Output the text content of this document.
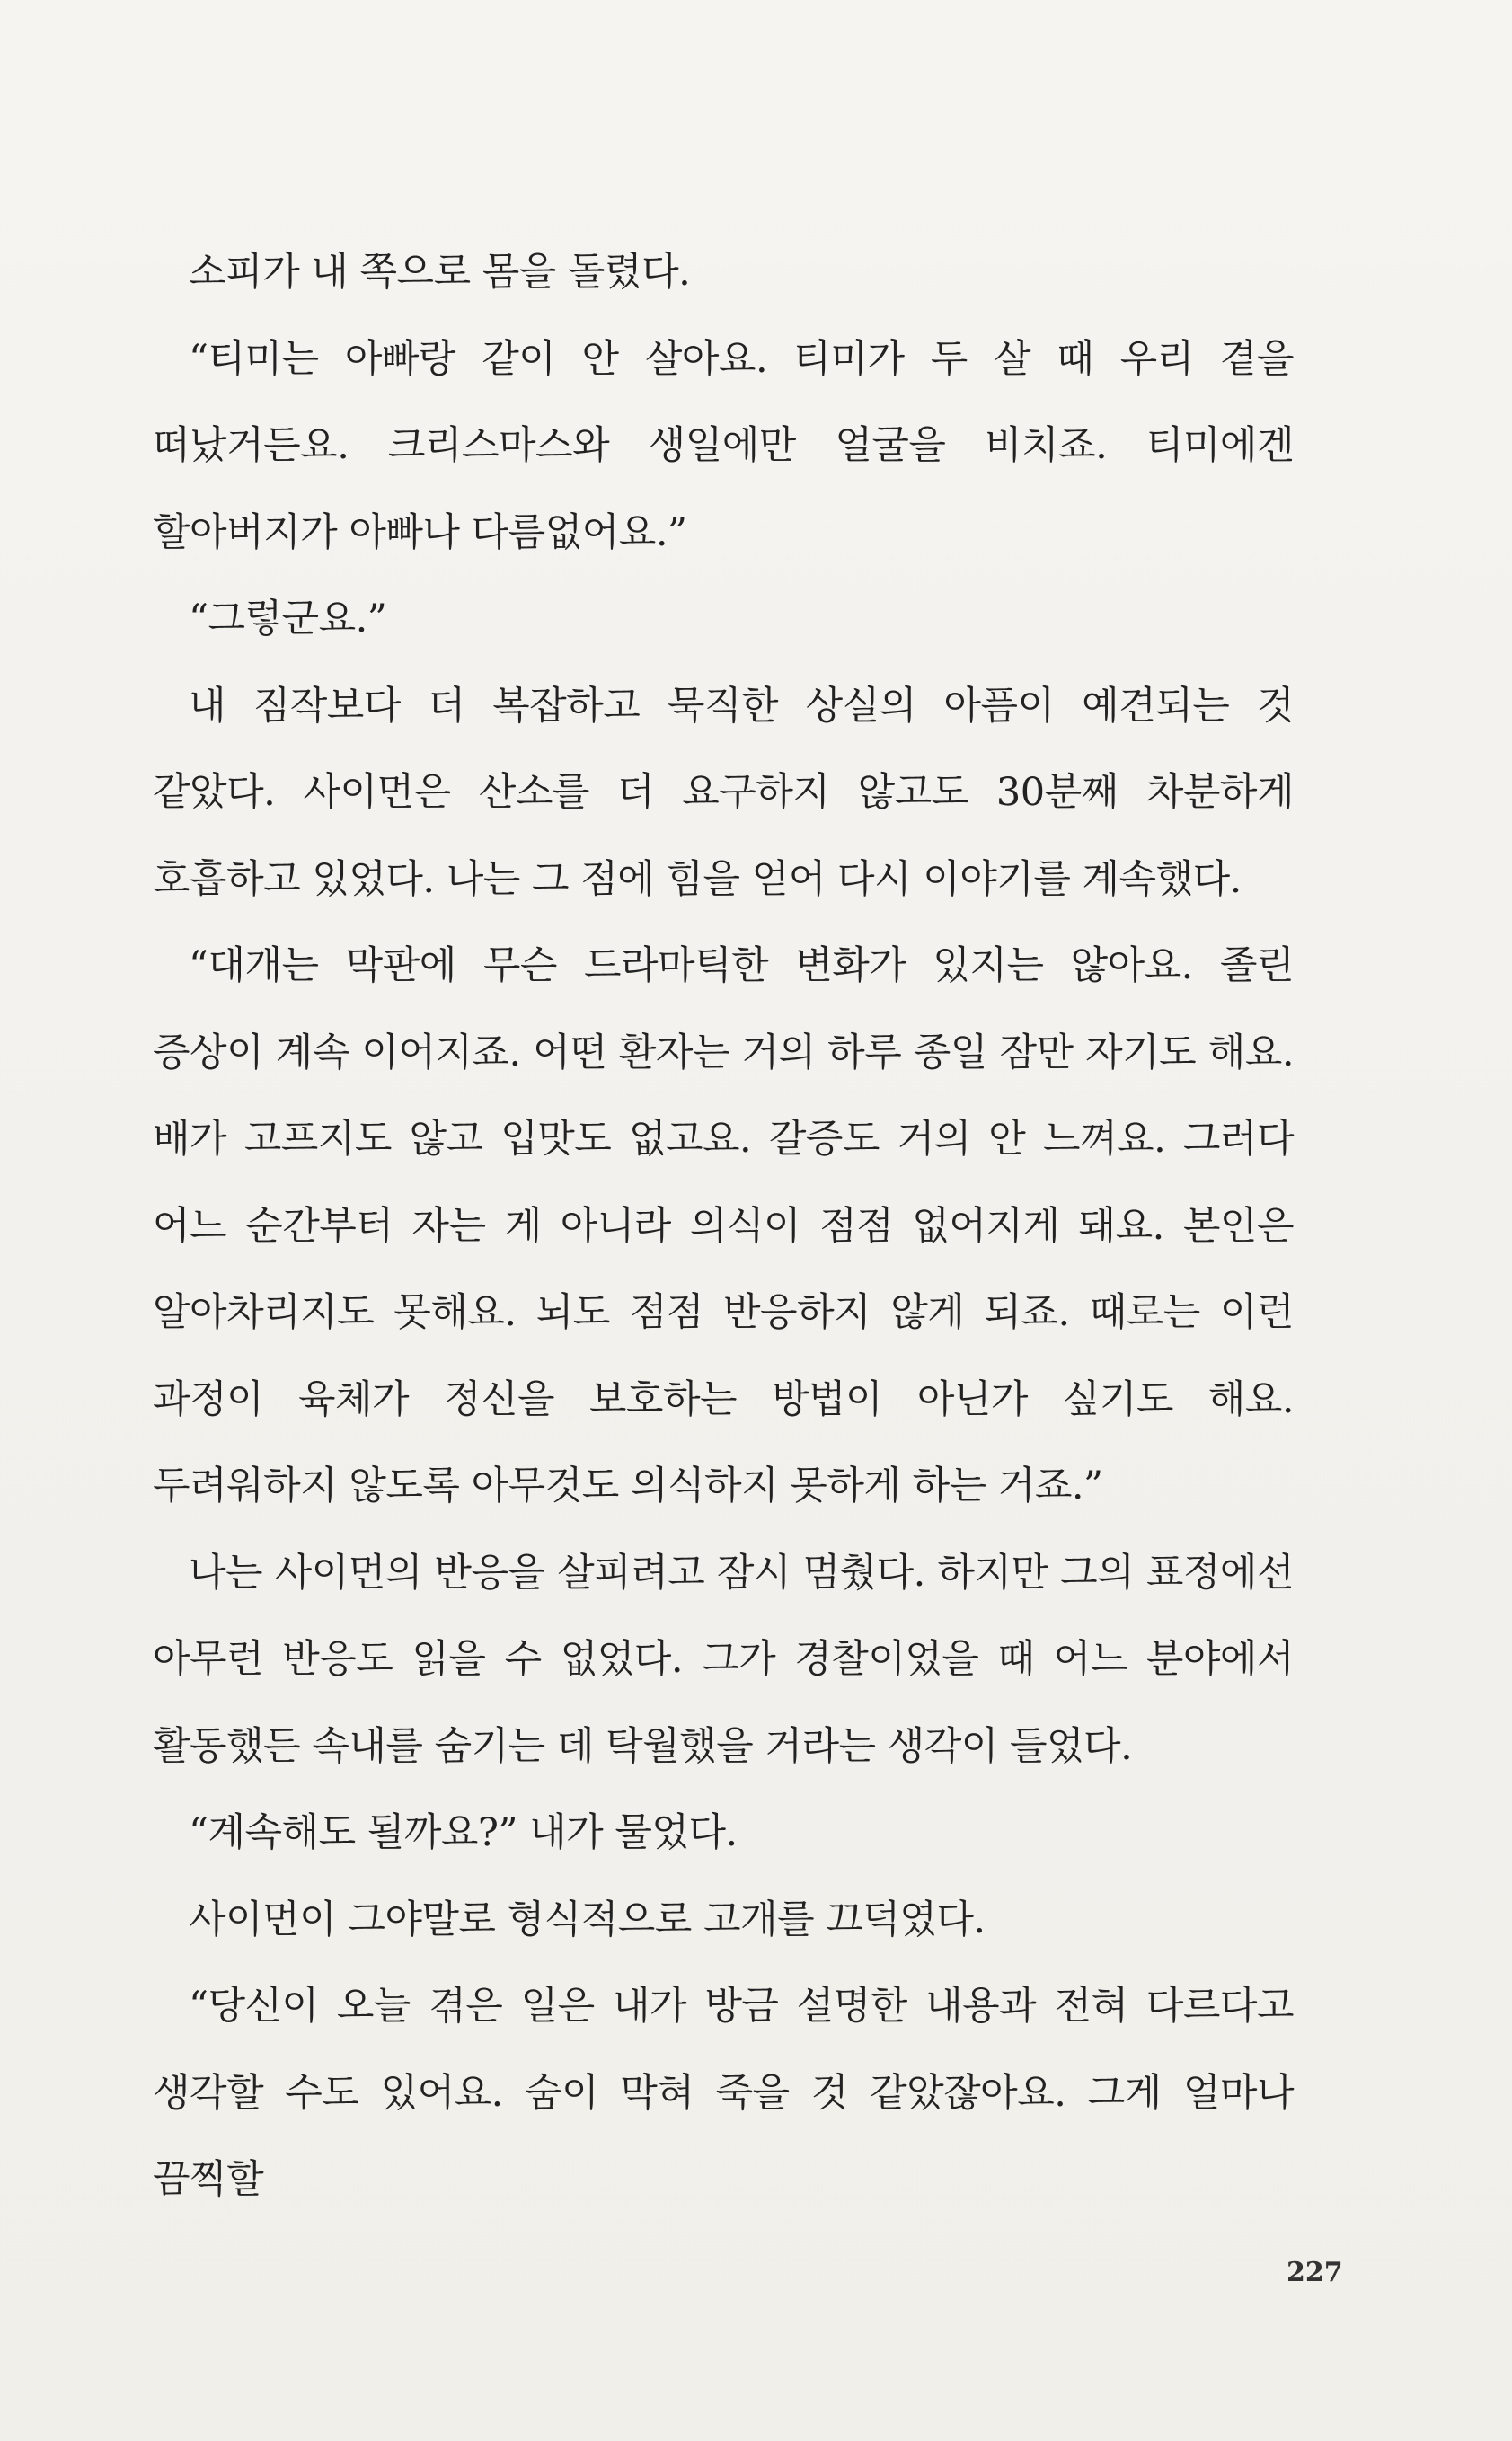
소피가 내 쪽으로 몸을 돌렸다.

“티미는 아빠랑 같이 안 살아요. 티미가 두 살 때 우리 곁을 떠났거든요. 크리스마스와 생일에만 얼굴을 비치죠. 티미에겐 할아버지가 아빠나 다름없어요.”

“그렇군요.”

내 짐작보다 더 복잡하고 묵직한 상실의 아픔이 예견되는 것 같았다. 사이먼은 산소를 더 요구하지 않고도 30분째 차분하게 호흡하고 있었다. 나는 그 점에 힘을 얻어 다시 이야기를 계속했다.

“대개는 막판에 무슨 드라마틱한 변화가 있지는 않아요. 졸린 증상이 계속 이어지죠. 어떤 환자는 거의 하루 종일 잠만 자기도 해요. 배가 고프지도 않고 입맛도 없고요. 갈증도 거의 안 느껴요. 그러다 어느 순간부터 자는 게 아니라 의식이 점점 없어지게 돼요. 본인은 알아차리지도 못해요. 뇌도 점점 반응하지 않게 되죠. 때로는 이런 과정이 육체가 정신을 보호하는 방법이 아닌가 싶기도 해요. 두려워하지 않도록 아무것도 의식하지 못하게 하는 거죠.”

나는 사이먼의 반응을 살피려고 잠시 멈췄다. 하지만 그의 표정에선 아무런 반응도 읽을 수 없었다. 그가 경찰이었을 때 어느 분야에서 활동했든 속내를 숨기는 데 탁월했을 거라는 생각이 들었다.

“계속해도 될까요?” 내가 물었다.

사이먼이 그야말로 형식적으로 고개를 끄덕였다.

“당신이 오늘 겪은 일은 내가 방금 설명한 내용과 전혀 다르다고 생각할 수도 있어요. 숨이 막혀 죽을 것 같았잖아요. 그게 얼마나 끔찍할

227
